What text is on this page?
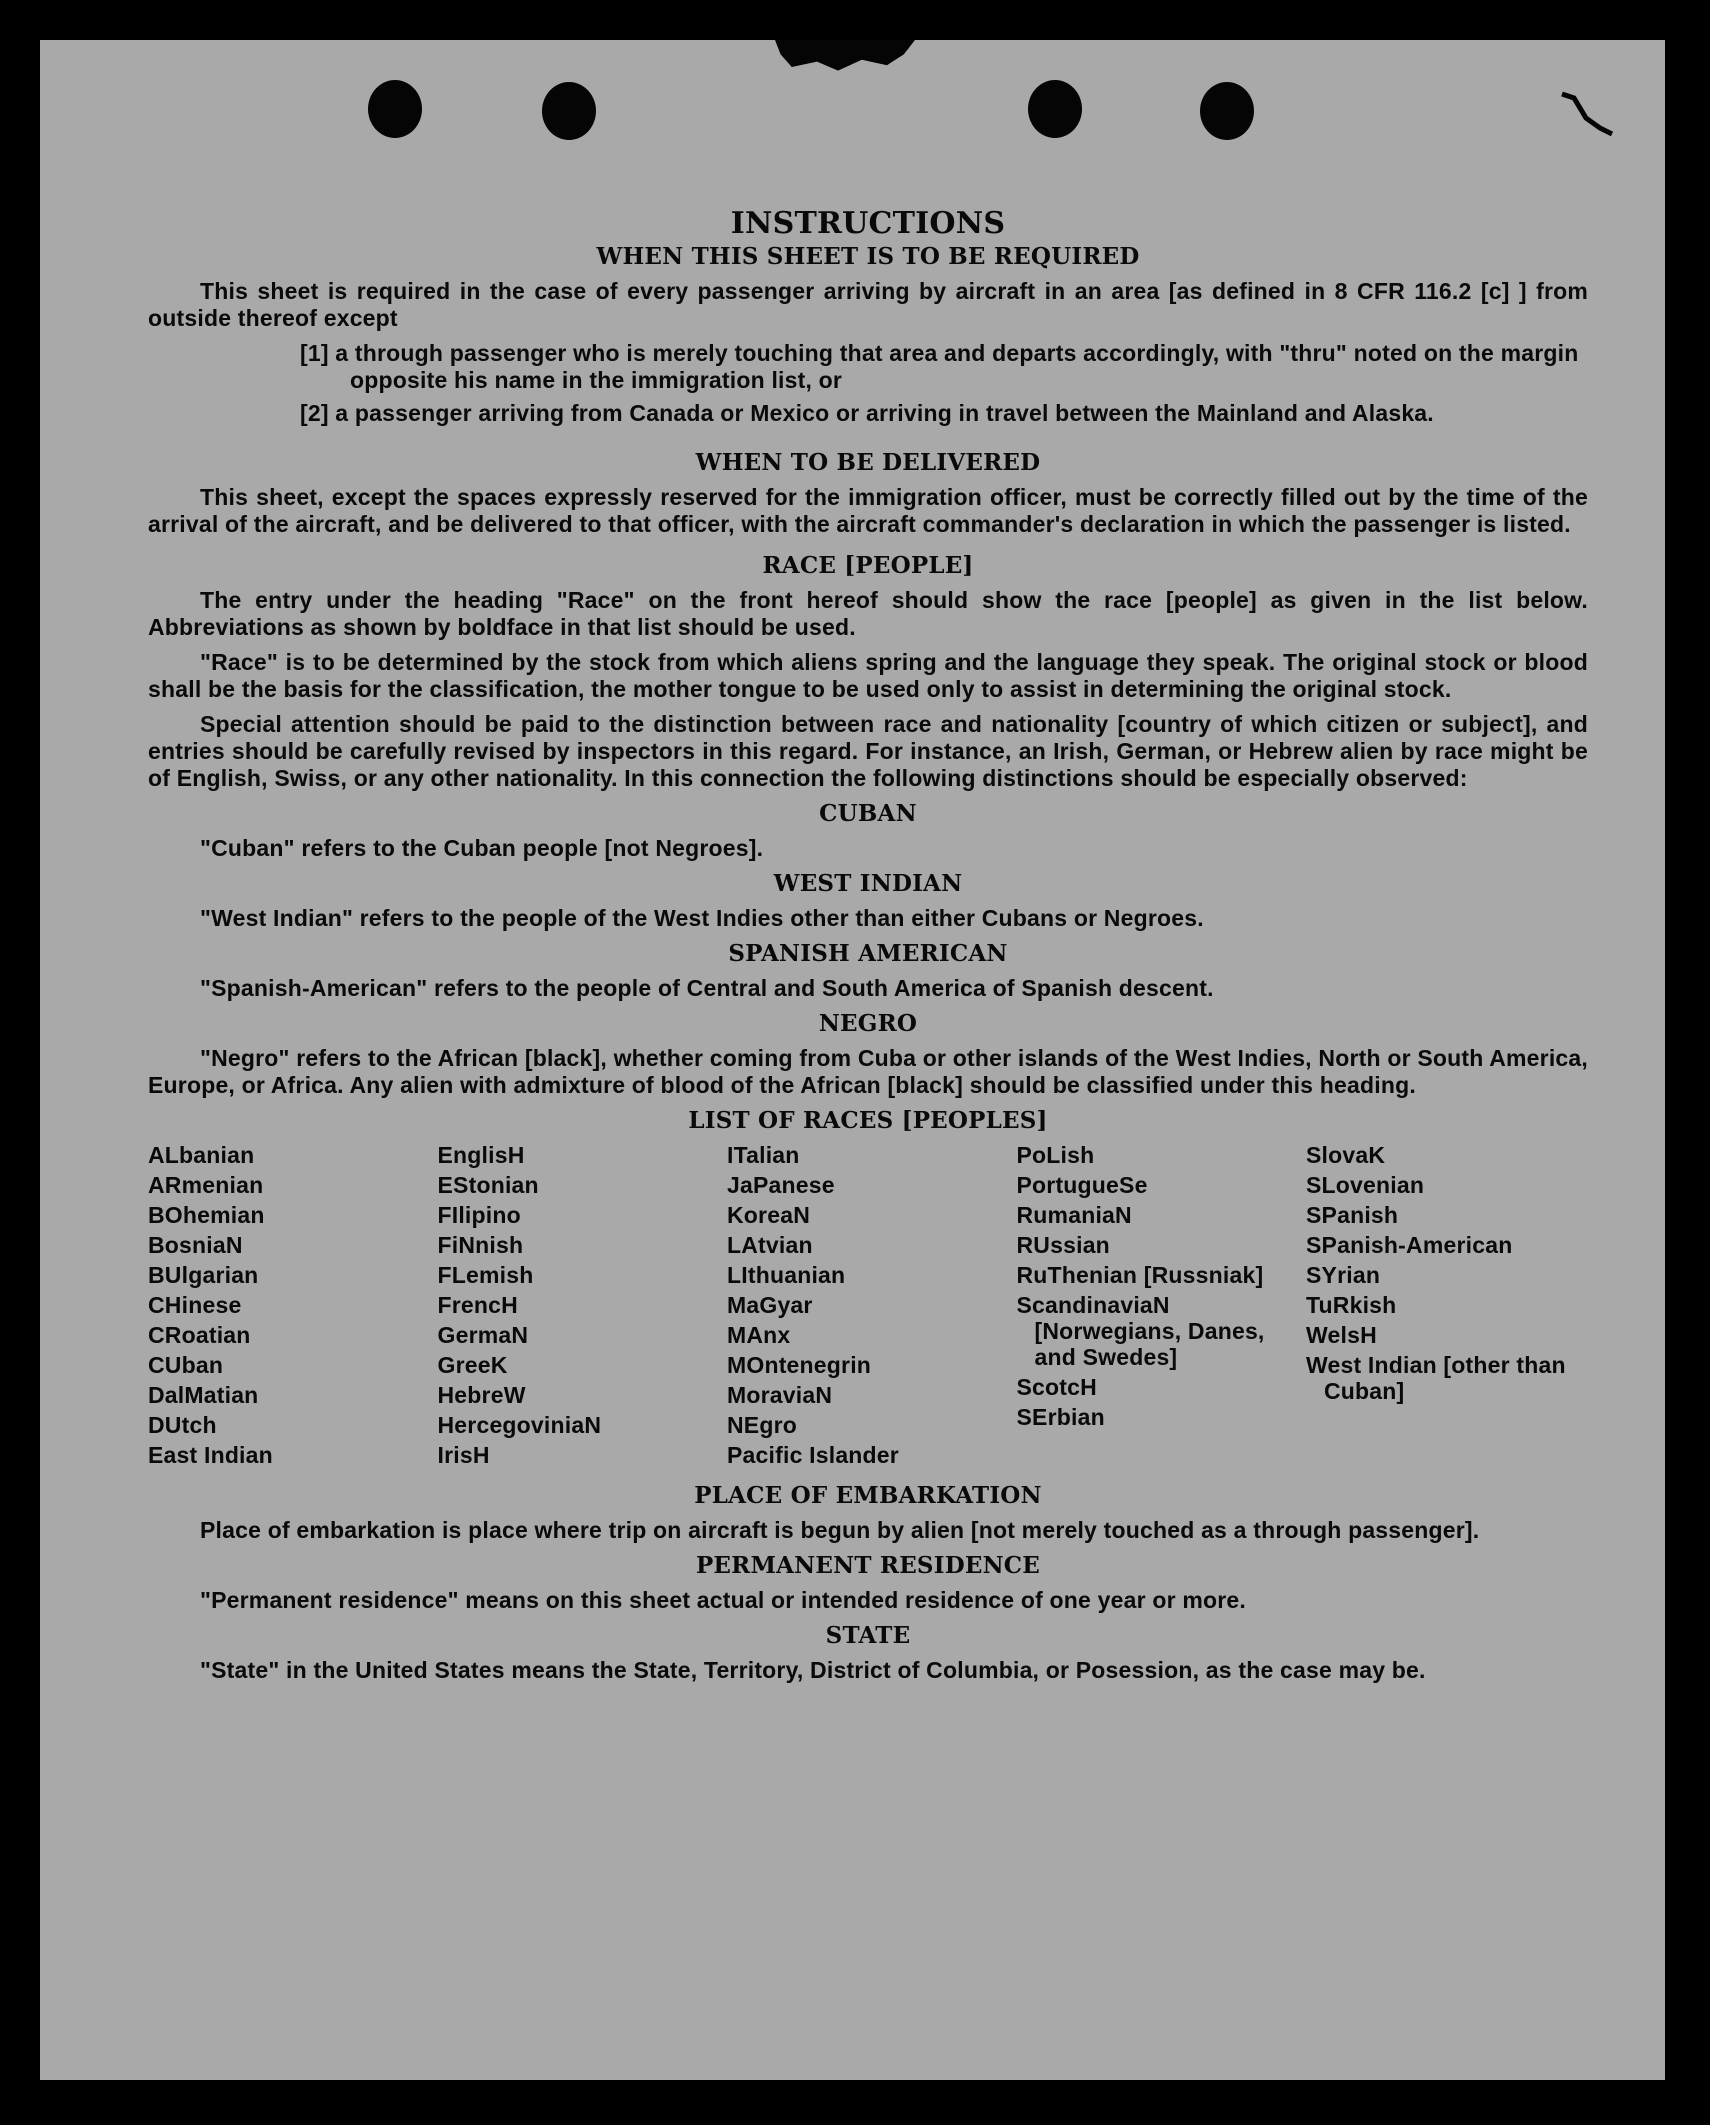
INSTRUCTIONS
WHEN THIS SHEET IS TO BE REQUIRED
This sheet is required in the case of every passenger arriving by aircraft in an area [as defined in 8 CFR 116.2 [c] ] from outside thereof except
[1] a through passenger who is merely touching that area and departs accordingly, with "thru" noted on the margin opposite his name in the immigration list, or
[2] a passenger arriving from Canada or Mexico or arriving in travel between the Mainland and Alaska.
WHEN TO BE DELIVERED
This sheet, except the spaces expressly reserved for the immigration officer, must be correctly filled out by the time of the arrival of the aircraft, and be delivered to that officer, with the aircraft commander's declaration in which the passenger is listed.
RACE [PEOPLE]
The entry under the heading "Race" on the front hereof should show the race [people] as given in the list below. Abbreviations as shown by boldface in that list should be used.
"Race" is to be determined by the stock from which aliens spring and the language they speak. The original stock or blood shall be the basis for the classification, the mother tongue to be used only to assist in determining the original stock.
Special attention should be paid to the distinction between race and nationality [country of which citizen or subject], and entries should be carefully revised by inspectors in this regard. For instance, an Irish, German, or Hebrew alien by race might be of English, Swiss, or any other nationality. In this connection the following distinctions should be especially observed:
CUBAN
"Cuban" refers to the Cuban people [not Negroes].
WEST INDIAN
"West Indian" refers to the people of the West Indies other than either Cubans or Negroes.
SPANISH AMERICAN
"Spanish-American" refers to the people of Central and South America of Spanish descent.
NEGRO
"Negro" refers to the African [black], whether coming from Cuba or other islands of the West Indies, North or South America, Europe, or Africa. Any alien with admixture of blood of the African [black] should be classified under this heading.
LIST OF RACES [PEOPLES]
ALbanian
ARmenian
BOhemian
BosniaN
BUlgarian
CHinese
CRoatian
CUban
DalMatian
DUtch
East Indian
EnglisH
EStonian
FIlipino
FiNnish
FLemish
FrencH
GermaN
GreeK
HebreW
HercegoviniaN
IrisH
ITalian
JaPanese
KoreaN
LAtvian
LIthuanian
MaGyar
MAnx
MOntenegrin
MoraviaN
NEgro
Pacific Islander
PoLish
PortugueSe
RumaniaN
RUssian
RuThenian [Russniak]
ScandinaviaN [Norwegians, Danes, and Swedes]
ScotcH
SErbian
SlovaK
SLovenian
SPanish
SPanish-American
SYrian
TuRkish
WelsH
West Indian [other than Cuban]
PLACE OF EMBARKATION
Place of embarkation is place where trip on aircraft is begun by alien [not merely touched as a through passenger].
PERMANENT RESIDENCE
"Permanent residence" means on this sheet actual or intended residence of one year or more.
STATE
"State" in the United States means the State, Territory, District of Columbia, or Posession, as the case may be.
